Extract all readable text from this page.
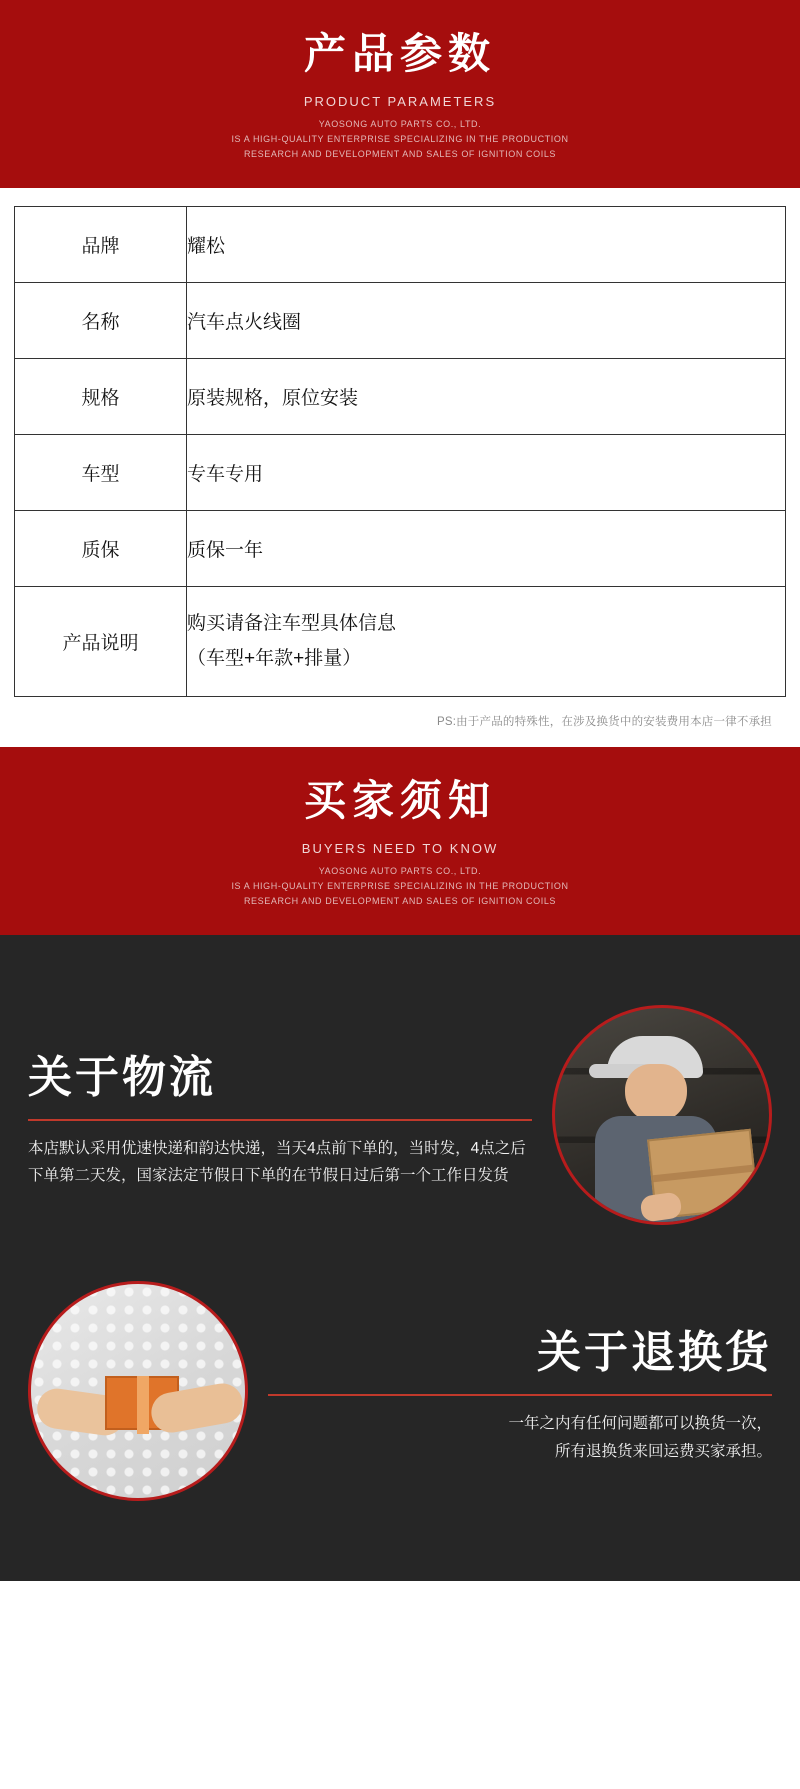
产品参数
PRODUCT PARAMETERS
YAOSONG AUTO PARTS CO., LTD.
IS A HIGH-QUALITY ENTERPRISE SPECIALIZING IN THE PRODUCTION
RESEARCH AND DEVELOPMENT AND SALES OF IGNITION COILS
品牌	耀松
名称	汽车点火线圈
规格	原装规格，原位安装
车型	专车专用
质保	质保一年
产品说明	购买请备注车型具体信息
（车型+年款+排量）
PS:由于产品的特殊性，在涉及换货中的安装费用本店一律不承担
买家须知
BUYERS NEED TO KNOW
YAOSONG AUTO PARTS CO., LTD.
IS A HIGH-QUALITY ENTERPRISE SPECIALIZING IN THE PRODUCTION
RESEARCH AND DEVELOPMENT AND SALES OF IGNITION COILS
关于物流
本店默认采用优速快递和韵达快递，当天4点前下单的，当时发，4点之后下单第二天发，国家法定节假日下单的在节假日过后第一个工作日发货
关于退换货
一年之内有任何问题都可以换货一次，
所有退换货来回运费买家承担。
